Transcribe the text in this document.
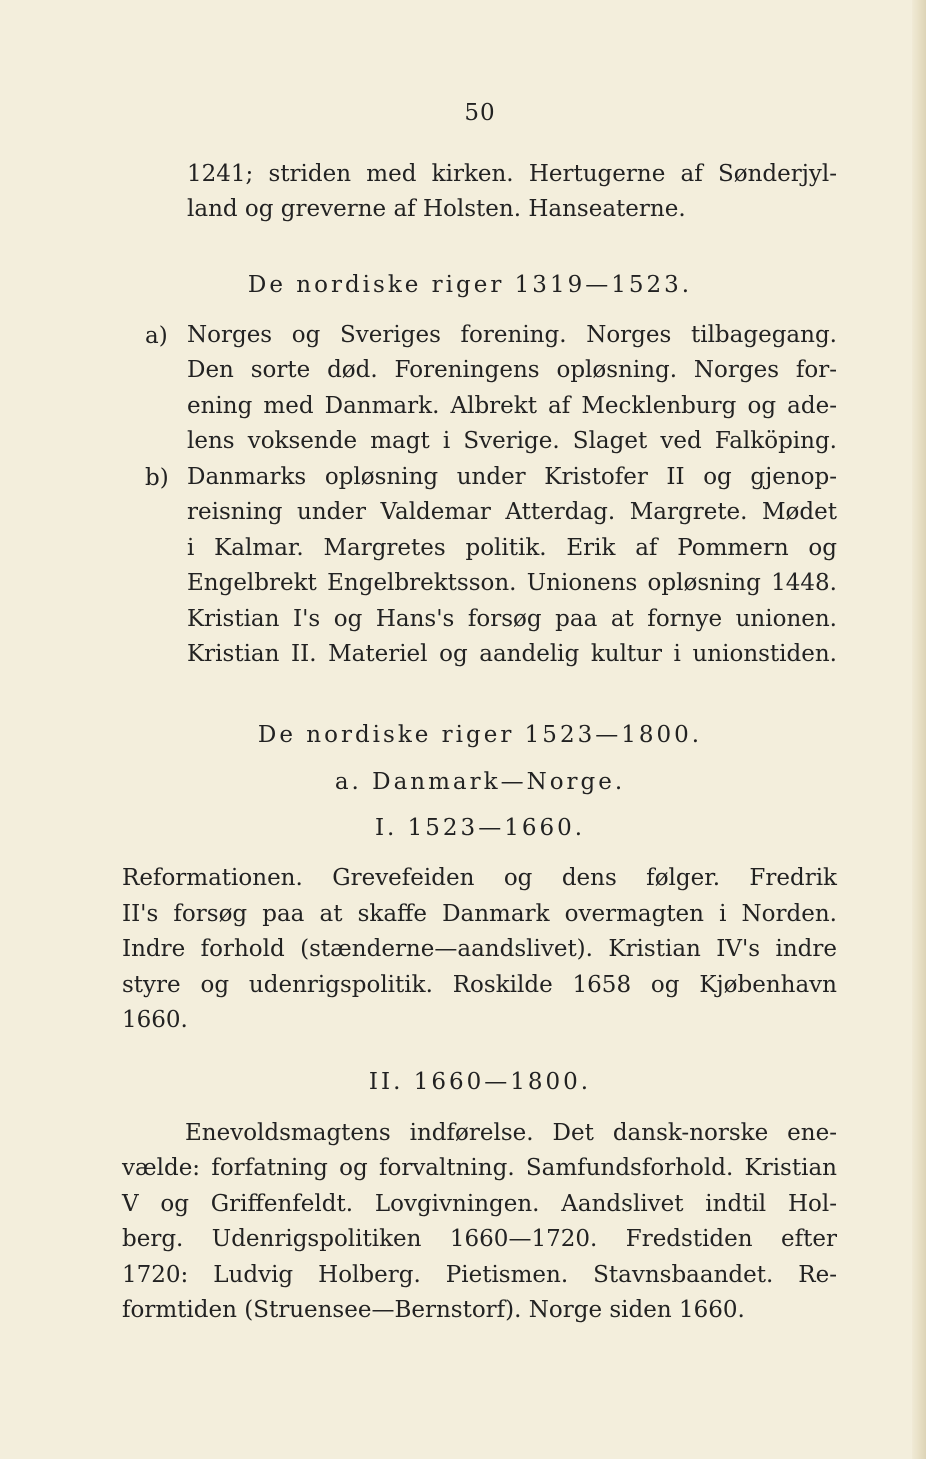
50
1241; striden med kirken. Hertugerne af Sønderjyl-
land og greverne af Holsten. Hanseaterne.
De nordiske riger 1319—1523.
a) Norges og Sveriges forening. Norges tilbagegang.
Den sorte død. Foreningens opløsning. Norges for-
ening med Danmark. Albrekt af Mecklenburg og ade-
lens voksende magt i Sverige. Slaget ved Falköping.
b) Danmarks opløsning under Kristofer II og gjenop-
reisning under Valdemar Atterdag. Margrete. Mødet
i Kalmar. Margretes politik. Erik af Pommern og
Engelbrekt Engelbrektsson. Unionens opløsning 1448.
Kristian I's og Hans's forsøg paa at fornye unionen.
Kristian II. Materiel og aandelig kultur i unionstiden.
De nordiske riger 1523—1800.
a. Danmark—Norge.
I. 1523—1660.
Reformationen. Grevefeiden og dens følger. Fredrik
II's forsøg paa at skaffe Danmark overmagten i Norden.
Indre forhold (stænderne—aandslivet). Kristian IV's indre
styre og udenrigspolitik. Roskilde 1658 og Kjøbenhavn
1660.
II. 1660—1800.
Enevoldsmagtens indførelse. Det dansk-norske ene-
vælde: forfatning og forvaltning. Samfundsforhold. Kristian
V og Griffenfeldt. Lovgivningen. Aandslivet indtil Hol-
berg. Udenrigspolitiken 1660—1720. Fredstiden efter
1720: Ludvig Holberg. Pietismen. Stavnsbaandet. Re-
formtiden (Struensee—Bernstorf). Norge siden 1660.
